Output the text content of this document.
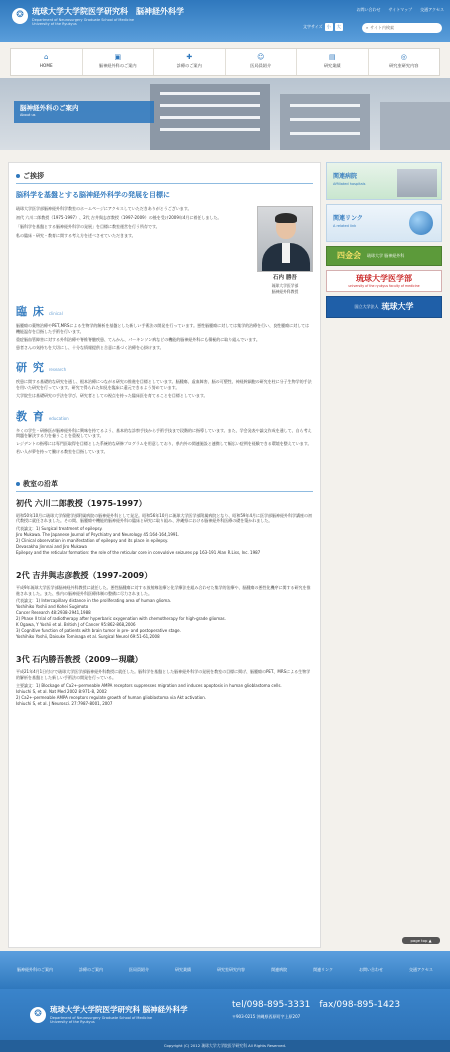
❂	琉球大学大学院医学研究科　脳神経外科学
Department of Neurosurgery Graduate School of Medicine
University of the Ryukyus
お問い合わせ サイトマップ 交通アクセス
文字サイズ	小	大	⌕ サイト内検索
⌂
HOME
▣
脳神経外科のご案内
✚
診療のご案内
☺
医局員紹介
▤
研究業績
◎
研究室研究内容
脳神経外科のご案内
About us
ご挨拶
脳科学を基盤とする脳神経外科学の発展を目標に

琉球大学医学部脳神経外科学教室のホームページにアクセスしていただきありがとうございます。

初代 六川二郎教授（1975-1997）、2代 吉井與志彦教授（1997-2009）の後を受け2009年4月に着任しました。

「脳科学を基盤とする脳神経外科学の発展」を目標に教室運営を行う所存です。

私の臨床・研究・教育に関する考え方を述べさせていただきます。

石内 勝吾
琉球大学医学部
脳神経外科教授
臨 床 clinical

脳腫瘍の薬物治療やPET,MRSによる生物学的解析を基盤とした新しい手術法の開発を行っています。悪性脳腫瘍に対しては集学的治療を行い、良性腫瘍に対しては機能温存を目指した手術を行います。

重症脳血管障害に対する外科治療や脊椎脊髄疾患、てんかん、パーキンソン病などの機能的脳神経外科にも積極的に取り組んでいます。

患者さんの気持ちを大切にし、十分な情報提供と合意に基づく治療を心掛けます。

研 究 research

疾患に関する基礎的な研究を通し、根本治療につながる研究の推進を目標としています。脳腫瘍、虚血障害、脳の可塑性、神経幹細胞の研究を柱に分子生物学的手法を用いた研究を行っています。研究で得られた知見を臨床に還元できるよう努めています。

大学院生は基礎研究の手法を学び、研究者としての視点を持った臨床医を育てることを目標としています。

教 育 education

多くの学生・研修医が脳神経外科に興味を持てるよう、基本的な診察手技から手術手技まで段階的に指導しています。また、学会発表や論文作成を通して、自ら考え問題を解決する力を養うことを重視しています。

レジデントの指導には専門医取得を目標とした系統的な研修プログラムを用意しており、県内外の関連施設と連携して幅広い症例を経験できる環境を整えています。

若い人が夢を持って働ける教室を目指しています。

教室の沿革
初代 六川二郎教授（1975-1997）

昭和50年10月に琉球大学保健学部附属病院の脳神経外科として発足。昭和56年10月に琉球大学医学部附属病院となり、昭和59年4月に医学部脳神経外科学講座の初代教授に就任されました。その間、脳腫瘍や機能的脳神経外科の臨床と研究に取り組み、沖縄県における脳神経外科医療の礎を築かれました。

代表論文：1) Surgical treatment of epilepsy.
Jiro Mukawa. The Japanese Journal of Psychiatry and Neurology 45:164-164,1991.
2) Clinical observation in manifestation of epilepsy and its place in epilepsy.
Devasakha Jinnnai and Jiro Mukawa
Epilepsy and the reticular formation: the role of the reticular core in convulsive seizures pp 163-191 Alan R.Liss, Inc. 1987
2代 吉井與志彦教授（1997-2009）

平成9年琉球大学医学部脳神経外科教授に就任した。悪性脳腫瘍に対する放射線治療と化学療法を組み合わせた集学的治療や、脳腫瘍の悪性化機序に関する研究を推進されました。また、県内の脳神経外科医療体制の整備に尽力されました。

代表論文：1) Intercapillary distance in the proliferating area of human glioma.
Yoshihiko Yoshii and Kohei Sugimoto
Cancer Research 48:2938-2941,1988
2) Phase II trial of radiotherapy after hyperbaric oxygenation with chemotherapy for high-grade gliomas.
K Ogawa, Y Yoshii et al. British J of Cancer 95:862-868,2006
3) Cognitive function of patients with brain tumor in pre- and postoperative stage.
Yoshihiko Yoshii, Daisuke Tominaga et al. Surgical Neurol 69:51-61,2008
3代 石内勝吾教授（2009ー現職）

平成21年4月1日付けで琉球大学医学部脳神経外科教授に就任した。脳科学を基盤とした脳神経外科学の発展を教室の目標に掲げ、脳腫瘍のPET、MRSによる生物学的解析を基盤とした新しい手術法の開発を行っている。

主要論文：1) Blockage of Ca2+-permeable AMPA receptors suppresses migration and induces apoptosis in human glioblastoma cells.
Ishiuchi S, et al. Nat Med 2002 8:971-8, 2002
2) Ca2+-permeable AMPA receptors regulate growth of human glioblastoma via Akt activation.
Ishiuchi S, et al. J Neurosci. 27:7987-8001, 2007
関連病院
Affiliated hospitals
関連リンク
A related link
四金会 琉球大学 脳神経外科
琉球大学医学部
university of the ryukyus faculty of medicine
国立大学法人 琉球大学
page top ▲
脳神経外科のご案内	診療のご案内	医局員紹介	研究業績	研究室研究内容	関連病院	関連リンク	お問い合わせ	交通アクセス
❂	琉球大学大学院医学研究科 脳神経外科学
Department of Neurosurgery Graduate School of Medicine
University of the Ryukyus
tel/098-895-3331　fax/098-895-1423
〒903-0215 沖縄県西原町字上原207
Copyright (C) 2012 琉球大学大学院医学研究科 All Rights Reserved.
